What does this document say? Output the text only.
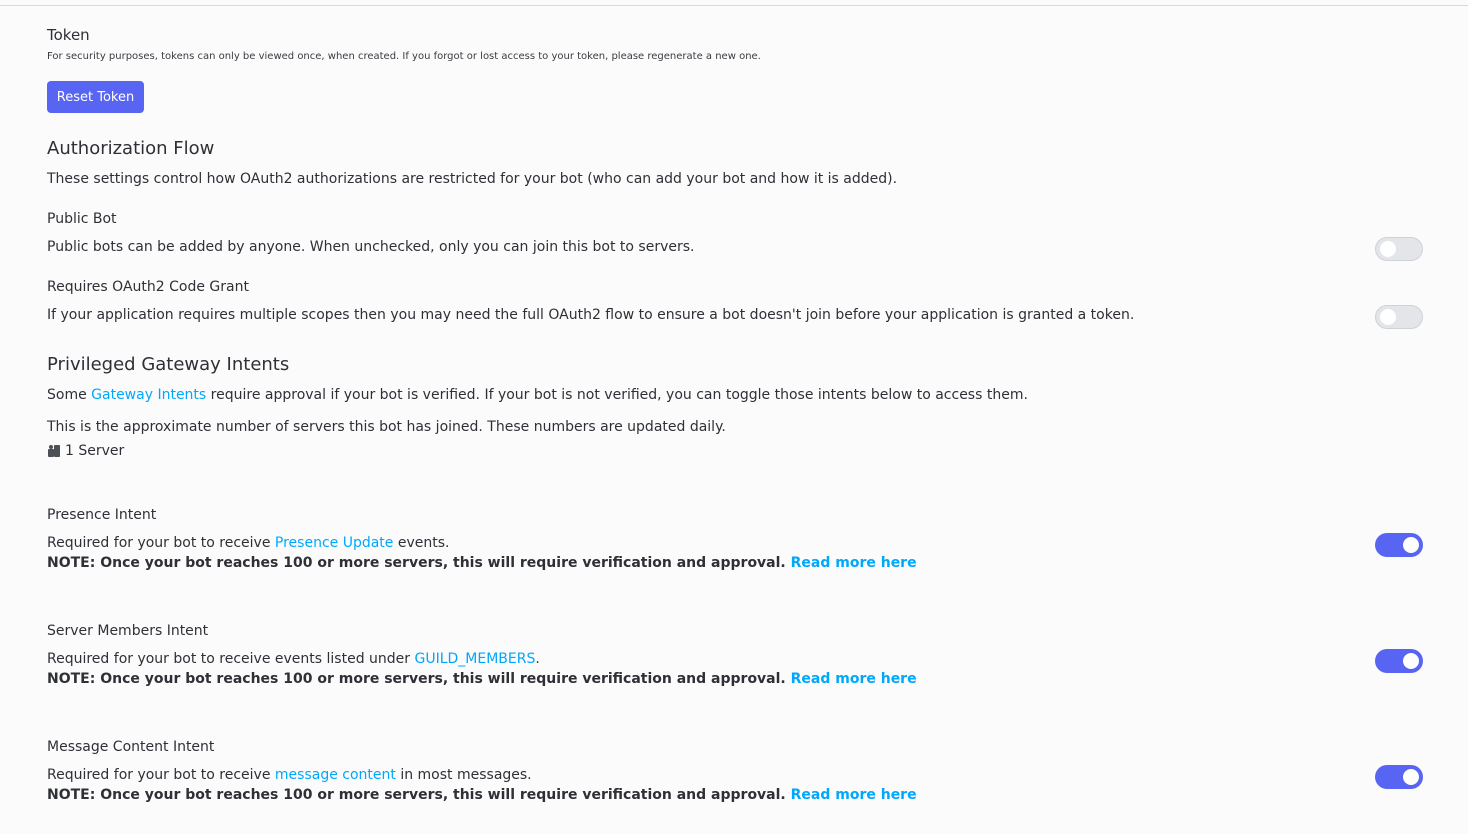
Token
For security purposes, tokens can only be viewed once, when created. If you forgot or lost access to your token, please regenerate a new one.
Reset Token
Authorization Flow
These settings control how OAuth2 authorizations are restricted for your bot (who can add your bot and how it is added).
Public Bot
Public bots can be added by anyone. When unchecked, only you can join this bot to servers.
Requires OAuth2 Code Grant
If your application requires multiple scopes then you may need the full OAuth2 flow to ensure a bot doesn't join before your application is granted a token.
Privileged Gateway Intents
Some Gateway Intents require approval if your bot is verified. If your bot is not verified, you can toggle those intents below to access them.
This is the approximate number of servers this bot has joined. These numbers are updated daily.
1 Server
Presence Intent
Required for your bot to receive Presence Update events.
NOTE: Once your bot reaches 100 or more servers, this will require verification and approval. Read more here
Server Members Intent
Required for your bot to receive events listed under GUILD_MEMBERS.
NOTE: Once your bot reaches 100 or more servers, this will require verification and approval. Read more here
Message Content Intent
Required for your bot to receive message content in most messages.
NOTE: Once your bot reaches 100 or more servers, this will require verification and approval. Read more here
